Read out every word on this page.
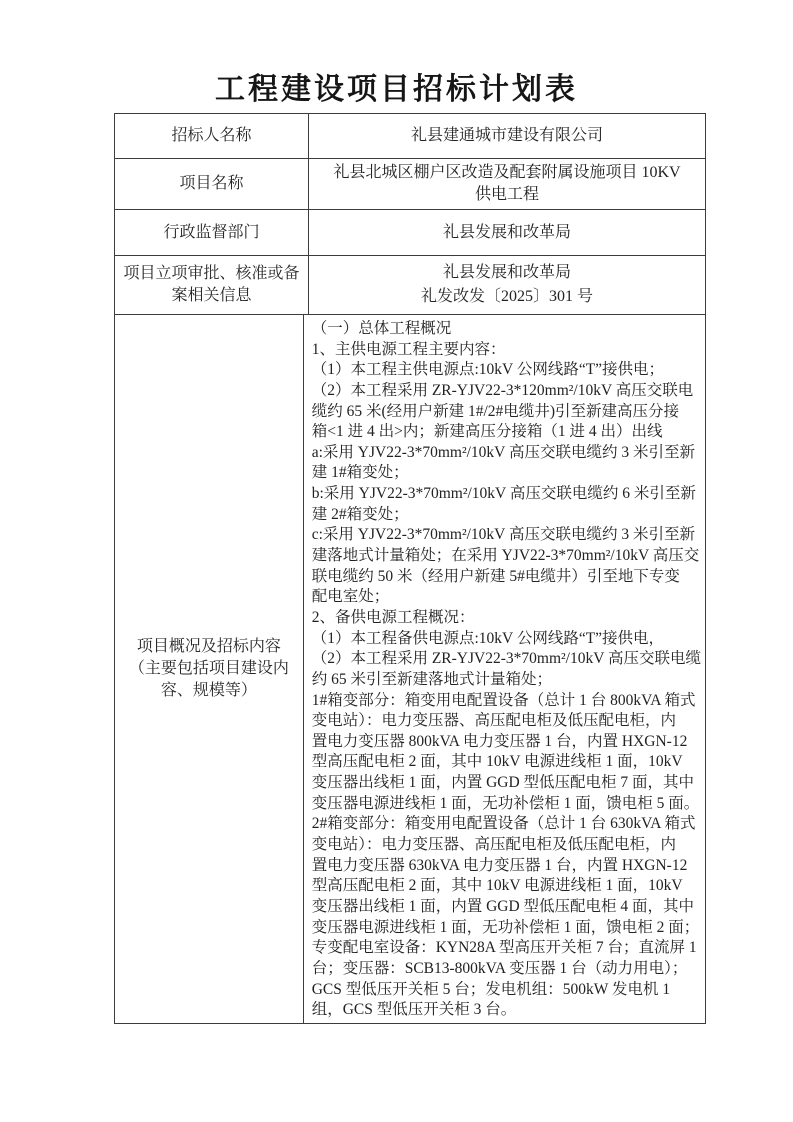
工程建设项目招标计划表
招标人名称	礼县建通城市建设有限公司
项目名称
礼县北城区棚户区改造及配套附属设施项目 10KV
供电工程
行政监督部门	礼县发展和改革局
项目立项审批、核准或备案相关信息
礼县发展和改革局
礼发改发〔2025〕301 号
项目概况及招标内容（主要包括项目建设内容、规模等）
（一）总体工程概况
1、主供电源工程主要内容：
（1）本工程主供电源点:10kV 公网线路“T”接供电；
（2）本工程采用 ZR-YJV22-3*120mm²/10kV 高压交联电
缆约 65 米(经用户新建 1#/2#电缆井)引至新建高压分接
箱<1 进 4 出>内；新建高压分接箱（1 进 4 出）出线
a:采用 YJV22-3*70mm²/10kV 高压交联电缆约 3 米引至新
建 1#箱变处；
b:采用 YJV22-3*70mm²/10kV 高压交联电缆约 6 米引至新
建 2#箱变处；
c:采用 YJV22-3*70mm²/10kV 高压交联电缆约 3 米引至新
建落地式计量箱处；在采用 YJV22-3*70mm²/10kV 高压交
联电缆约 50 米（经用户新建 5#电缆井）引至地下专变
配电室处；
2、备供电源工程概况：
（1）本工程备供电源点:10kV 公网线路“T”接供电，
（2）本工程采用 ZR-YJV22-3*70mm²/10kV 高压交联电缆
约 65 米引至新建落地式计量箱处；
1#箱变部分：箱变用电配置设备（总计 1 台 800kVA 箱式
变电站）：电力变压器、高压配电柜及低压配电柜，内
置电力变压器 800kVA 电力变压器 1 台，内置 HXGN-12
型高压配电柜 2 面，其中 10kV 电源进线柜 1 面，10kV
变压器出线柜 1 面，内置 GGD 型低压配电柜 7 面，其中
变压器电源进线柜 1 面，无功补偿柜 1 面，馈电柜 5 面。
2#箱变部分：箱变用电配置设备（总计 1 台 630kVA 箱式
变电站）：电力变压器、高压配电柜及低压配电柜，内
置电力变压器 630kVA 电力变压器 1 台，内置 HXGN-12
型高压配电柜 2 面，其中 10kV 电源进线柜 1 面，10kV
变压器出线柜 1 面，内置 GGD 型低压配电柜 4 面，其中
变压器电源进线柜 1 面，无功补偿柜 1 面，馈电柜 2 面；
专变配电室设备：KYN28A 型高压开关柜 7 台；直流屏 1
台；变压器：SCB13-800kVA 变压器 1 台（动力用电）；
GCS 型低压开关柜 5 台；发电机组：500kW 发电机 1
组，GCS 型低压开关柜 3 台。
